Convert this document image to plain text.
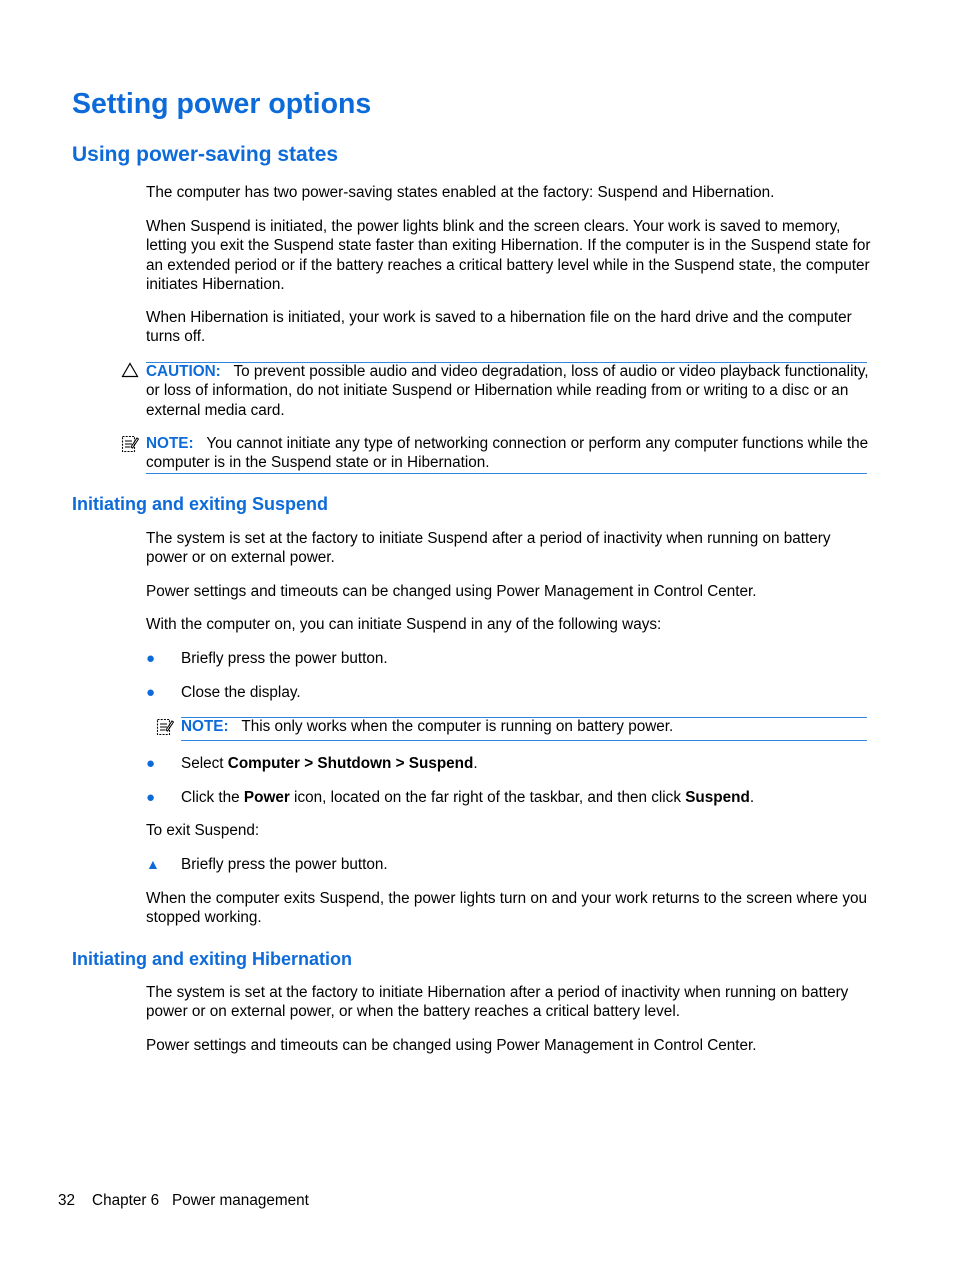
Setting power options
Using power-saving states
The computer has two power-saving states enabled at the factory: Suspend and Hibernation.
When Suspend is initiated, the power lights blink and the screen clears. Your work is saved to memory, letting you exit the Suspend state faster than exiting Hibernation. If the computer is in the Suspend state for an extended period or if the battery reaches a critical battery level while in the Suspend state, the computer initiates Hibernation.
When Hibernation is initiated, your work is saved to a hibernation file on the hard drive and the computer turns off.
CAUTION: To prevent possible audio and video degradation, loss of audio or video playback functionality, or loss of information, do not initiate Suspend or Hibernation while reading from or writing to a disc or an external media card.
NOTE: You cannot initiate any type of networking connection or perform any computer functions while the computer is in the Suspend state or in Hibernation.
Initiating and exiting Suspend
The system is set at the factory to initiate Suspend after a period of inactivity when running on battery power or on external power.
Power settings and timeouts can be changed using Power Management in Control Center.
With the computer on, you can initiate Suspend in any of the following ways:
● Briefly press the power button.
● Close the display.
NOTE: This only works when the computer is running on battery power.
● Select Computer > Shutdown > Suspend.
● Click the Power icon, located on the far right of the taskbar, and then click Suspend.
To exit Suspend:
▲ Briefly press the power button.
When the computer exits Suspend, the power lights turn on and your work returns to the screen where you stopped working.
Initiating and exiting Hibernation
The system is set at the factory to initiate Hibernation after a period of inactivity when running on battery power or on external power, or when the battery reaches a critical battery level.
Power settings and timeouts can be changed using Power Management in Control Center.
32 Chapter 6 Power management
